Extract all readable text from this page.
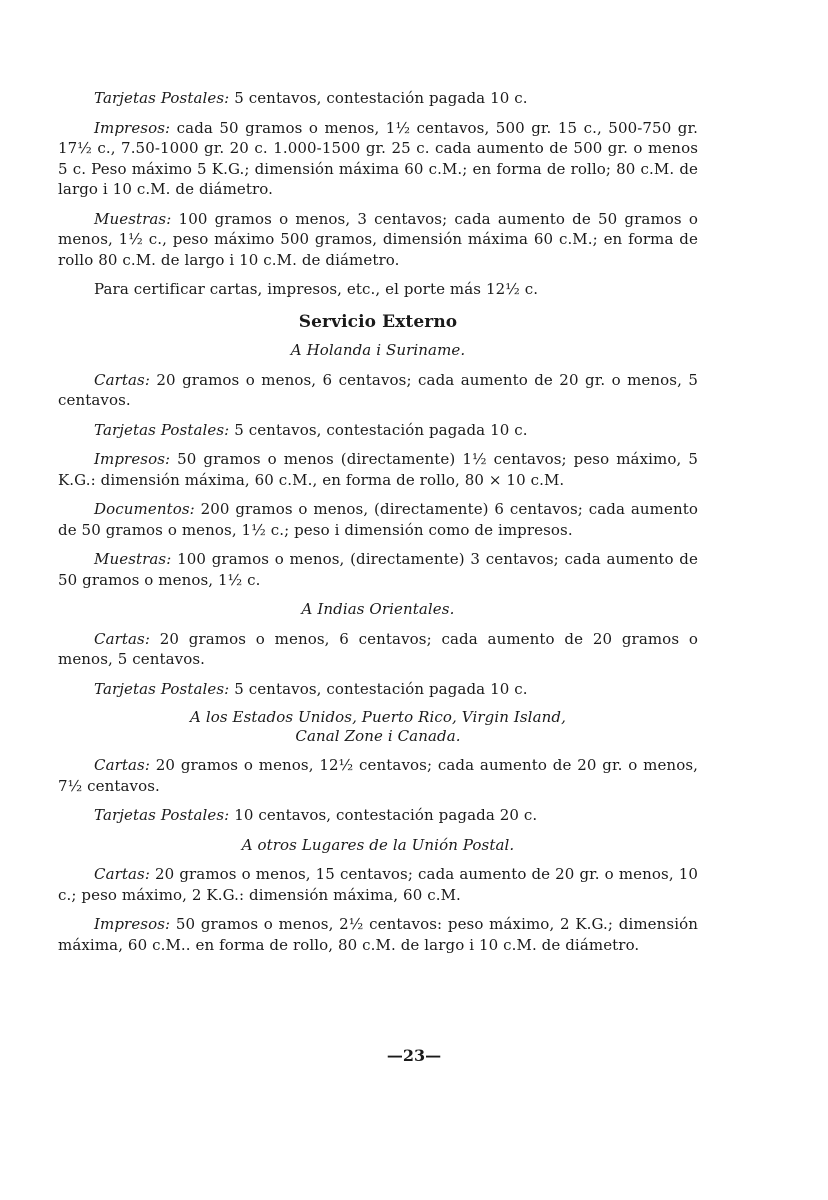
Tarjetas Postales: 5 centavos, contestación pagada 10 c.

Impresos: cada 50 gramos o menos, 1½ centavos, 500 gr. 15 c., 500-750 gr. 17½ c., 7.50-1000 gr. 20 c. 1.000-1500 gr. 25 c. cada aumento de 500 gr. o menos 5 c. Peso máximo 5 K.G.; dimensión máxima 60 c.M.; en forma de rollo; 80 c.M. de largo i 10 c.M. de diámetro.

Muestras: 100 gramos o menos, 3 centavos; cada aumento de 50 gramos o menos, 1½ c., peso máximo 500 gramos, dimensión máxima 60 c.M.; en forma de rollo 80 c.M. de largo i 10 c.M. de diámetro.

Para certificar cartas, impresos, etc., el porte más 12½ c.

Servicio Externo
A Holanda i Suriname.

Cartas: 20 gramos o menos, 6 centavos; cada aumento de 20 gr. o menos, 5 centavos.

Tarjetas Postales: 5 centavos, contestación pagada 10 c.

Impresos: 50 gramos o menos (directamente) 1½ centavos; peso máximo, 5 K.G.: dimensión máxima, 60 c.M., en forma de rollo, 80 × 10 c.M.

Documentos: 200 gramos o menos, (directamente) 6 centavos; cada aumento de 50 gramos o menos, 1½ c.; peso i dimensión como de impresos.

Muestras: 100 gramos o menos, (directamente) 3 centavos; cada aumento de 50 gramos o menos, 1½ c.

A Indias Orientales.

Cartas: 20 gramos o menos, 6 centavos; cada aumento de 20 gramos o menos, 5 centavos.

Tarjetas Postales: 5 centavos, contestación pagada 10 c.

A los Estados Unidos, Puerto Rico, Virgin Island,
Canal Zone i Canada.

Cartas: 20 gramos o menos, 12½ centavos; cada aumento de 20 gr. o menos, 7½ centavos.

Tarjetas Postales: 10 centavos, contestación pagada 20 c.

A otros Lugares de la Unión Postal.

Cartas: 20 gramos o menos, 15 centavos; cada aumento de 20 gr. o menos, 10 c.; peso máximo, 2 K.G.: dimensión máxima, 60 c.M.

Impresos: 50 gramos o menos, 2½ centavos: peso máximo, 2 K.G.; dimensión máxima, 60 c.M.. en forma de rollo, 80 c.M. de largo i 10 c.M. de diámetro.

—23—
